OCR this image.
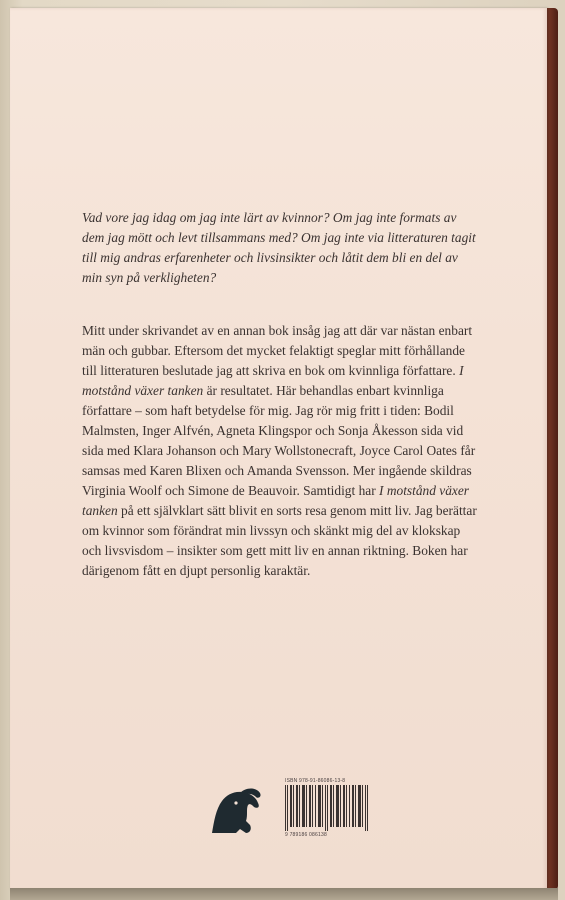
Vad vore jag idag om jag inte lärt av kvinnor? Om jag inte formats av dem jag mött och levt tillsammans med? Om jag inte via litteraturen tagit till mig andras erfarenheter och livsinsikter och låtit dem bli en del av min syn på verkligheten?

Mitt under skrivandet av en annan bok insåg jag att där var nästan enbart män och gubbar. Eftersom det mycket felaktigt speglar mitt förhållande till litteraturen beslutade jag att skriva en bok om kvinnliga författare. I motstånd växer tanken är resultatet. Här behandlas enbart kvinnliga författare – som haft betydelse för mig. Jag rör mig fritt i tiden: Bodil Malmsten, Inger Alfvén, Agneta Klingspor och Sonja Åkesson sida vid sida med Klara Johanson och Mary Wollstonecraft, Joyce Carol Oates får samsas med Karen Blixen och Amanda Svensson. Mer ingående skildras Virginia Woolf och Simone de Beauvoir. Samtidigt har I motstånd växer tanken på ett självklart sätt blivit en sorts resa genom mitt liv. Jag berättar om kvinnor som förändrat min livssyn och skänkt mig del av klokskap och livsvisdom – insikter som gett mitt liv en annan riktning. Boken har därigenom fått en djupt personlig karaktär.

ISBN 978-91-86086-13-8
9 789186 086138
